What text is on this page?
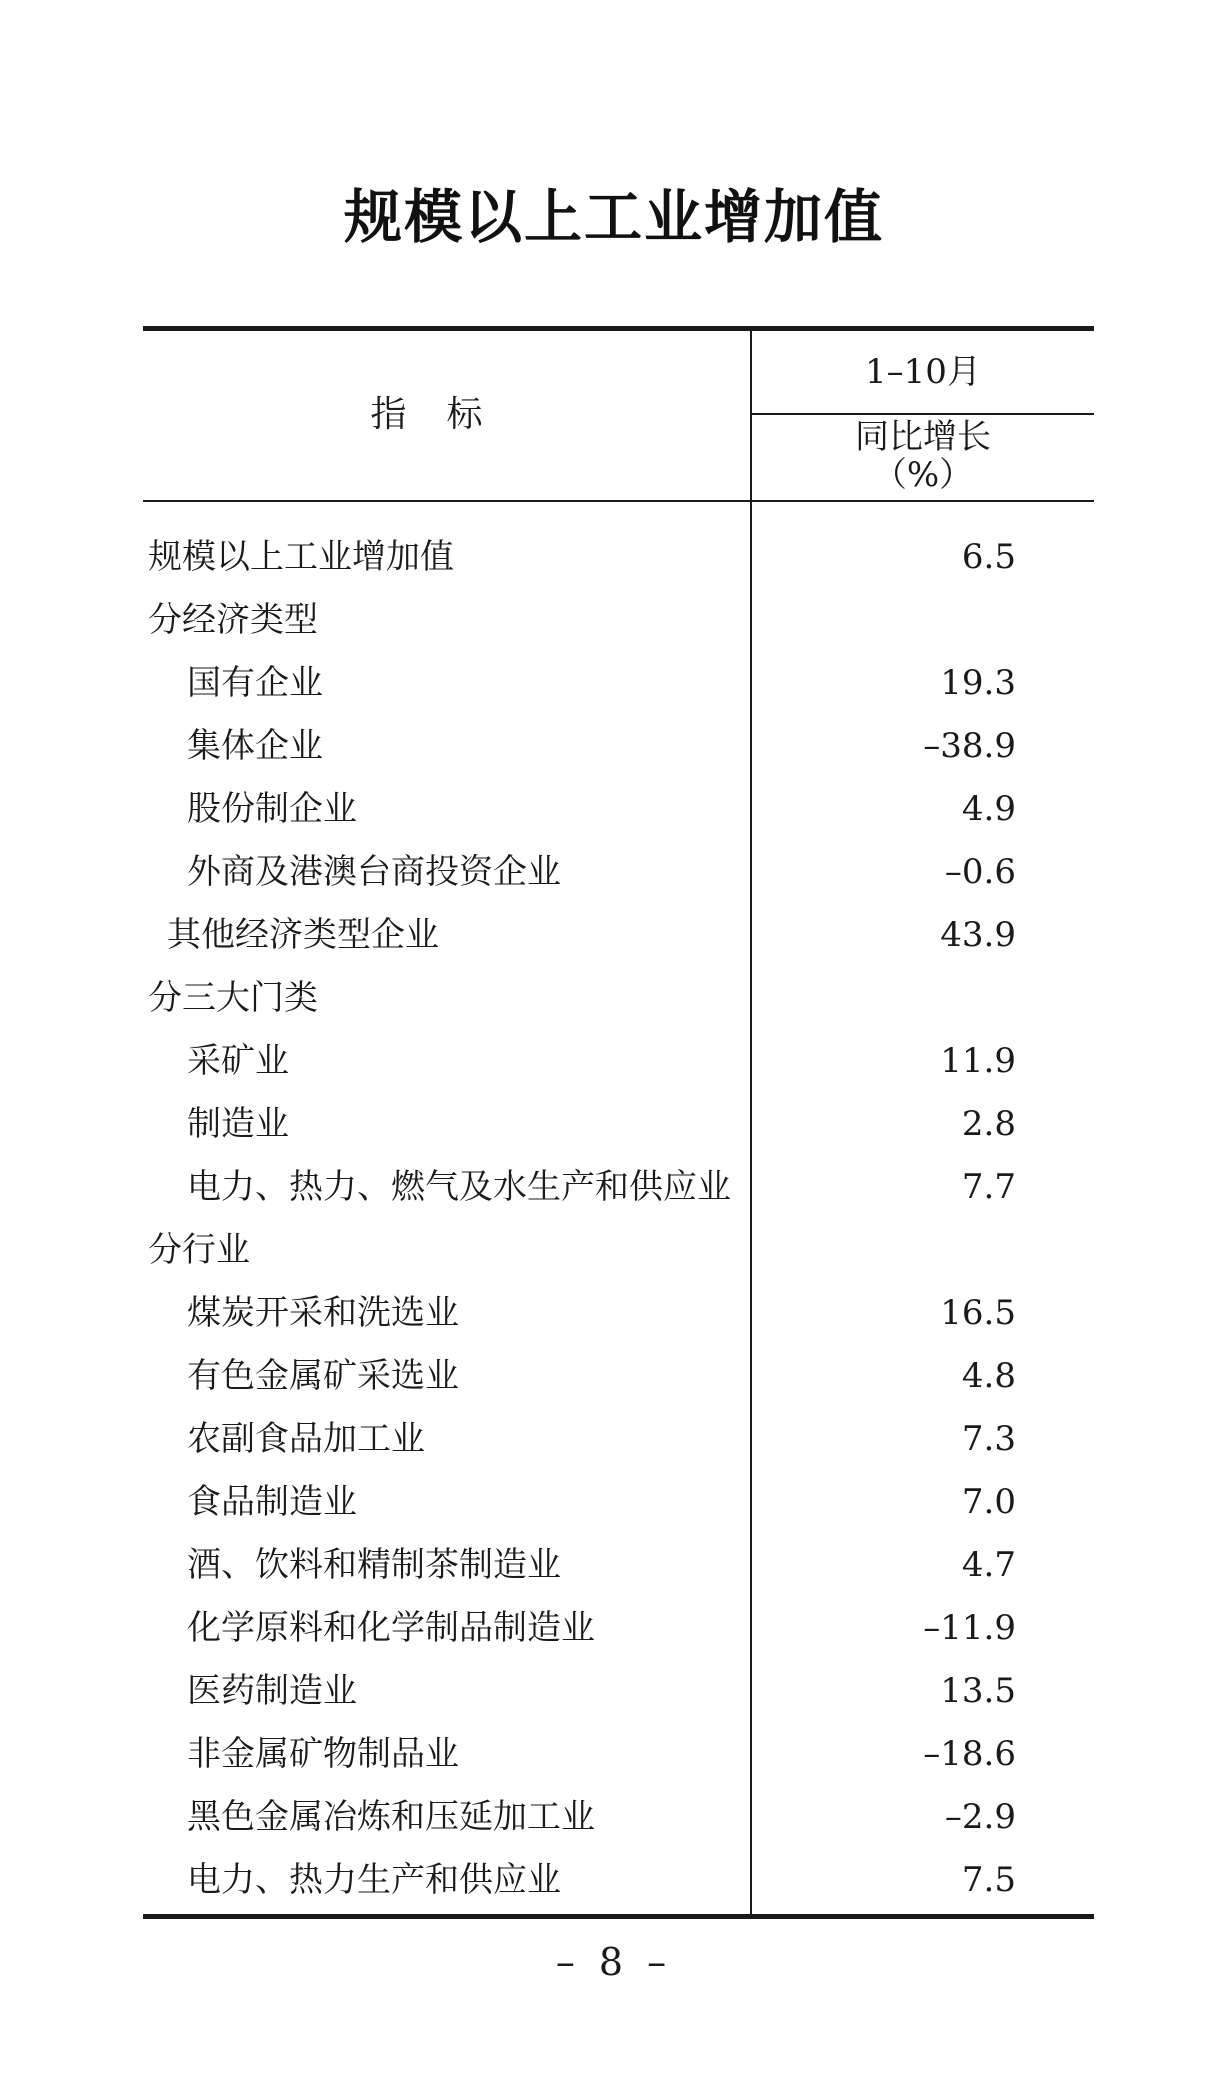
规模以上工业增加值
指标
1–10月
同比增长
（%）
规模以上工业增加值	6.5
分经济类型
国有企业	19.3
集体企业	–38.9
股份制企业	4.9
外商及港澳台商投资企业	–0.6
其他经济类型企业	43.9
分三大门类
采矿业	11.9
制造业	2.8
电力、热力、燃气及水生产和供应业	7.7
分行业
煤炭开采和洗选业	16.5
有色金属矿采选业	4.8
农副食品加工业	7.3
食品制造业	7.0
酒、饮料和精制茶制造业	4.7
化学原料和化学制品制造业	–11.9
医药制造业	13.5
非金属矿物制品业	–18.6
黑色金属冶炼和压延加工业	–2.9
电力、热力生产和供应业	7.5
– 8 –
